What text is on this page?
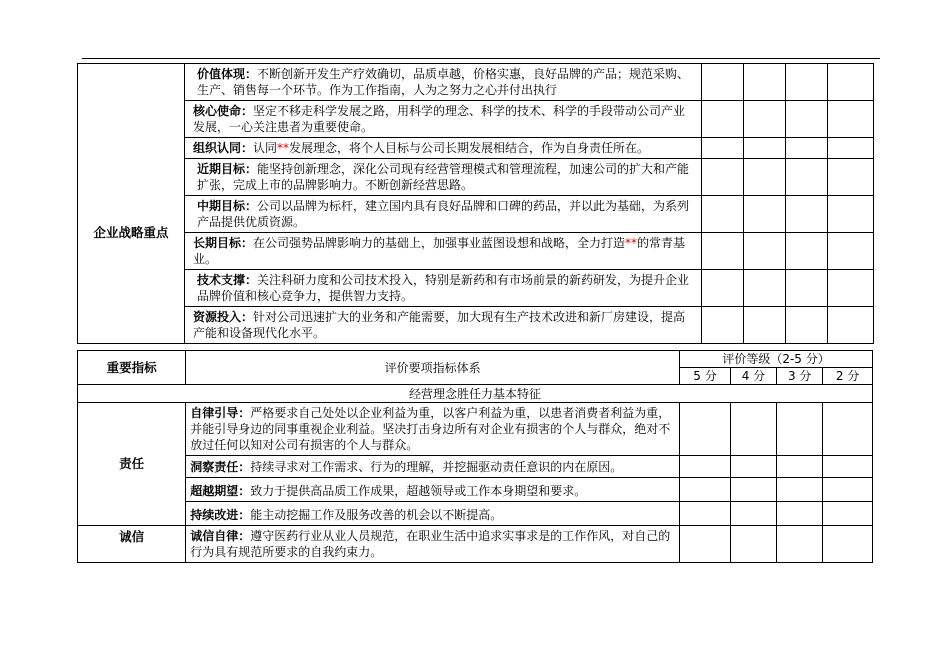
	价值体现：不断创新开发生产疗效确切，品质卓越，价格实惠，良好品牌的产品；规范采购、生产、销售每一个环节。作为工作指南，人为之努力之心并付出执行				
	核心使命：坚定不移走科学发展之路，用科学的理念、科学的技术、科学的手段带动公司产业发展，一心关注患者为重要使命。				
	组织认同：认同**发展理念，将个人目标与公司长期发展相结合，作为自身责任所在。				
	近期目标：能坚持创新理念，深化公司现有经营管理模式和管理流程，加速公司的扩大和产能扩张，完成上市的品牌影响力。不断创新经营思路。				
企业战略重点	中期目标：公司以品牌为标杆，建立国内具有良好品牌和口碑的药品，并以此为基础，为系列产品提供优质资源。				
	长期目标：在公司强势品牌影响力的基础上，加强事业蓝图设想和战略，全力打造**的常青基业。				
	技术支撑：关注科研力度和公司技术投入，特别是新药和有市场前景的新药研发，为提升企业品牌价值和核心竞争力，提供智力支持。				
	资源投入：针对公司迅速扩大的业务和产能需要，加大现有生产技术改进和新厂房建设，提高产能和设备现代化水平。				
重要指标	评价要项指标体系	评价等级（2-5 分）			
		5 分	4 分	3 分	2 分
经营理念胜任力基本特征					
责任	自律引导：严格要求自己处处以企业利益为重，以客户利益为重，以患者消费者利益为重，并能引导身边的同事重视企业利益。坚决打击身边所有对企业有损害的个人与群众，绝对不放过任何以知对公司有损害的个人与群众。				
	洞察责任：持续寻求对工作需求、行为的理解，并挖掘驱动责任意识的内在原因。				
	超越期望：致力于提供高品质工作成果，超越领导或工作本身期望和要求。				
	持续改进：能主动挖掘工作及服务改善的机会以不断提高。				
诚信	诚信自律：遵守医药行业从业人员规范，在职业生活中追求实事求是的工作作风，对自己的行为具有规范所要求的自我约束力。				
